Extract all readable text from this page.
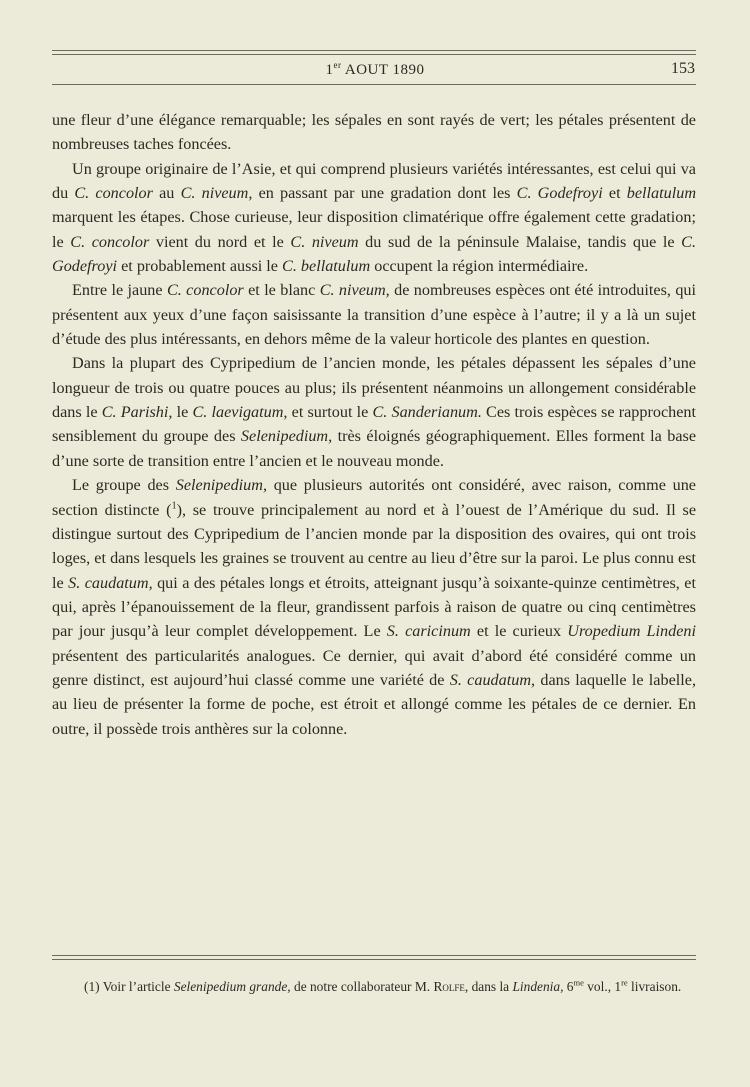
1er AOUT 1890	153

une fleur d’une élégance remarquable; les sépales en sont rayés de vert; les pétales présentent de nombreuses taches foncées.

Un groupe originaire de l’Asie, et qui comprend plusieurs variétés intéressantes, est celui qui va du C. concolor au C. niveum, en passant par une gradation dont les C. Godefroyi et bellatulum marquent les étapes. Chose curieuse, leur disposition climatérique offre également cette gradation; le C. concolor vient du nord et le C. niveum du sud de la péninsule Malaise, tandis que le C. Godefroyi et probablement aussi le C. bellatulum occupent la région intermédiaire.

Entre le jaune C. concolor et le blanc C. niveum, de nombreuses espèces ont été introduites, qui présentent aux yeux d’une façon saisissante la transition d’une espèce à l’autre; il y a là un sujet d’étude des plus intéressants, en dehors même de la valeur horticole des plantes en question.

Dans la plupart des Cypripedium de l’ancien monde, les pétales dépassent les sépales d’une longueur de trois ou quatre pouces au plus; ils présentent néanmoins un allongement considérable dans le C. Parishi, le C. laevigatum, et surtout le C. Sanderianum. Ces trois espèces se rapprochent sensiblement du groupe des Selenipedium, très éloignés géographiquement. Elles forment la base d’une sorte de transition entre l’ancien et le nouveau monde.

Le groupe des Selenipedium, que plusieurs autorités ont considéré, avec raison, comme une section distincte ($^1$), se trouve principalement au nord et à l’ouest de l’Amérique du sud. Il se distingue surtout des Cypripedium de l’ancien monde par la disposition des ovaires, qui ont trois loges, et dans lesquels les graines se trouvent au centre au lieu d’être sur la paroi. Le plus connu est le S. caudatum, qui a des pétales longs et étroits, atteignant jusqu’à soixante-quinze centimètres, et qui, après l’épanouissement de la fleur, grandissent parfois à raison de quatre ou cinq centimètres par jour jusqu’à leur complet développement. Le S. caricinum et le curieux Uropedium Lindeni présentent des particularités analogues. Ce dernier, qui avait d’abord été considéré comme un genre distinct, est aujourd’hui classé comme une variété de S. caudatum, dans laquelle le labelle, au lieu de présenter la forme de poche, est étroit et allongé comme les pétales de ce dernier. En outre, il possède trois anthères sur la colonne.

(1) Voir l’article Selenipedium grande, de notre collaborateur M. Rolfe, dans la Lindenia, $6^{me}$ vol., 1re livraison.
